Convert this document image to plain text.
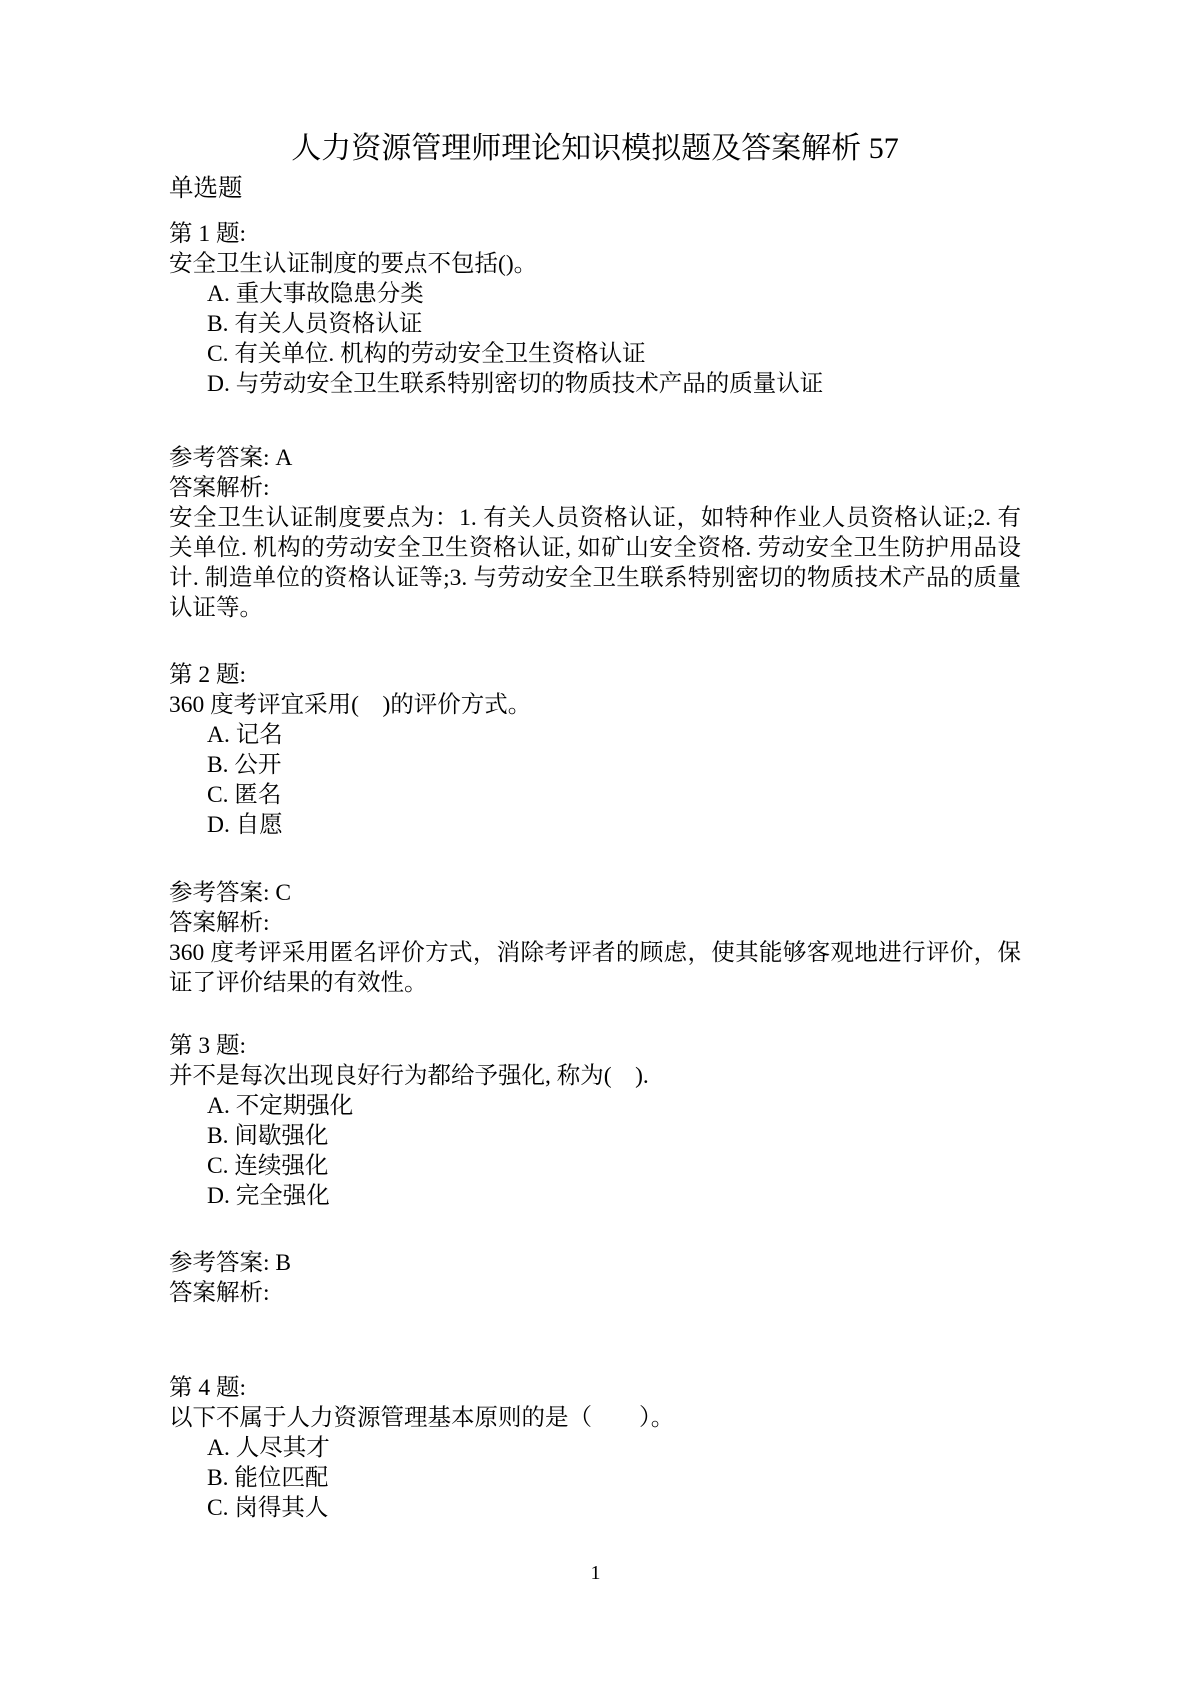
人力资源管理师理论知识模拟题及答案解析 57
单选题
第 1 题:
安全卫生认证制度的要点不包括()。
A. 重大事故隐患分类
B. 有关人员资格认证
C. 有关单位. 机构的劳动安全卫生资格认证
D. 与劳动安全卫生联系特别密切的物质技术产品的质量认证
参考答案: A
答案解析:
安全卫生认证制度要点为：1. 有关人员资格认证，如特种作业人员资格认证;2. 有关单位. 机构的劳动安全卫生资格认证, 如矿山安全资格. 劳动安全卫生防护用品设计. 制造单位的资格认证等;3. 与劳动安全卫生联系特别密切的物质技术产品的质量认证等。
第 2 题:
360 度考评宜采用(　)的评价方式。
A. 记名
B. 公开
C. 匿名
D. 自愿
参考答案: C
答案解析:
360 度考评采用匿名评价方式，消除考评者的顾虑，使其能够客观地进行评价，保证了评价结果的有效性。
第 3 题:
并不是每次出现良好行为都给予强化, 称为(　).
A. 不定期强化
B. 间歇强化
C. 连续强化
D. 完全强化
参考答案: B
答案解析:
第 4 题:
以下不属于人力资源管理基本原则的是（　　）。
A. 人尽其才
B. 能位匹配
C. 岗得其人
1
